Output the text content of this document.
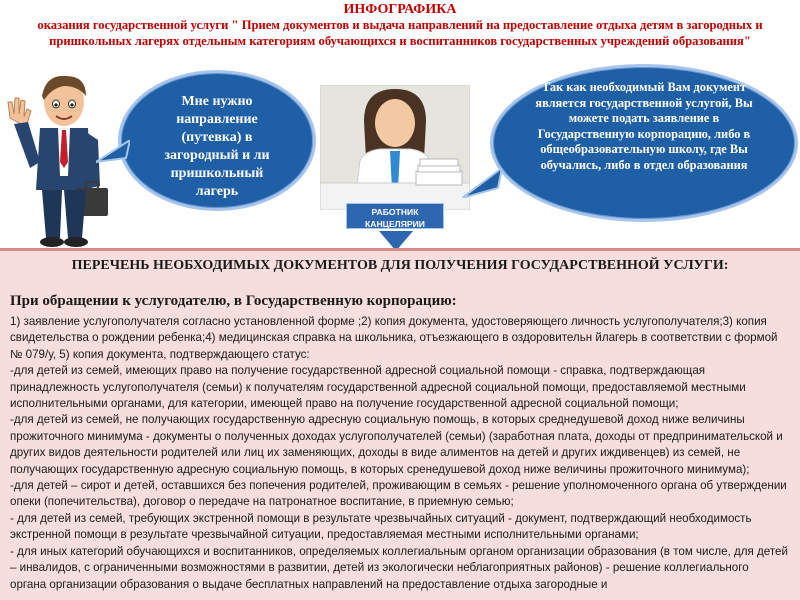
ИНФОГРАФИКА
оказания государственной услуги " Прием документов и выдача направлений на предоставление отдыха детям в загородных и пришкольных лагерях отдельным категориям обучающихся и воспитанников государственных учреждений образования"
Мне нужно направление (путевка) в загородный и ли пришкольный лагерь
Так как необходимый Вам документ является государственной услугой, Вы можете подать заявление в Государственную корпорацию, либо в общеобразовательную школу, где Вы обучались, либо в отдел образования
РАБОТНИК КАНЦЕЛЯРИИ
ПЕРЕЧЕНЬ НЕОБХОДИМЫХ ДОКУМЕНТОВ ДЛЯ ПОЛУЧЕНИЯ ГОСУДАРСТВЕННОЙ УСЛУГИ:
При обращении к услугодателю, в Государственную корпорацию:

1) заявление услугополучателя согласно установленной форме ;2) копия документа, удостоверяющего личность услугополучателя;3) копия свидетельства о рождении ребенка;4) медицинская справка на школьника, отъезжающего в оздоровительн йлагерь в соответствии с формой № 079/у, 5) копия документа, подтверждающего статус:

-для детей из семей, имеющих право на получение государственной адресной социальной помощи - справка, подтверждающая принадлежность услугополучателя (семьи) к получателям государственной адресной социальной помощи, предоставляемой местными исполнительными органами, для категории, имеющей право на получение государственной адресной социальной помощи;

-для детей из семей, не получающих государственную адресную социальную помощь, в которых среднедушевой доход ниже величины прожиточного минимума - документы о полученных доходах услугополучателей (семьи) (заработная плата, доходы от предпринимательской и других видов деятельности родителей или лиц их заменяющих, доходы в виде алиментов на детей и других иждивенцев) из семей, не получающих государственную адресную социальную помощь, в которых сренедушевой доход ниже величины прожиточного минимума);

-для детей – сирот и детей, оставшихся без попечения родителей, проживающим в семьях - решение уполномоченного органа об утверждении опеки (попечительства), договор о передаче на патронатное воспитание, в приемную семью;

- для детей из семей, требующих экстренной помощи в результате чрезвычайных ситуаций - документ, подтверждающий необходимость экстренной помощи в результате чрезвычайной ситуации, предоставляемая местными исполнительными органами;

- для иных категорий обучающихся и воспитанников, определяемых коллегиальным органом организации образования (в том числе, для детей – инвалидов, с ограниченными возможностями в развитии, детей из экологически неблагоприятных районов) - решение коллегиального органа организации образования о выдаче бесплатных направлений на предоставление отдыха загородные и
